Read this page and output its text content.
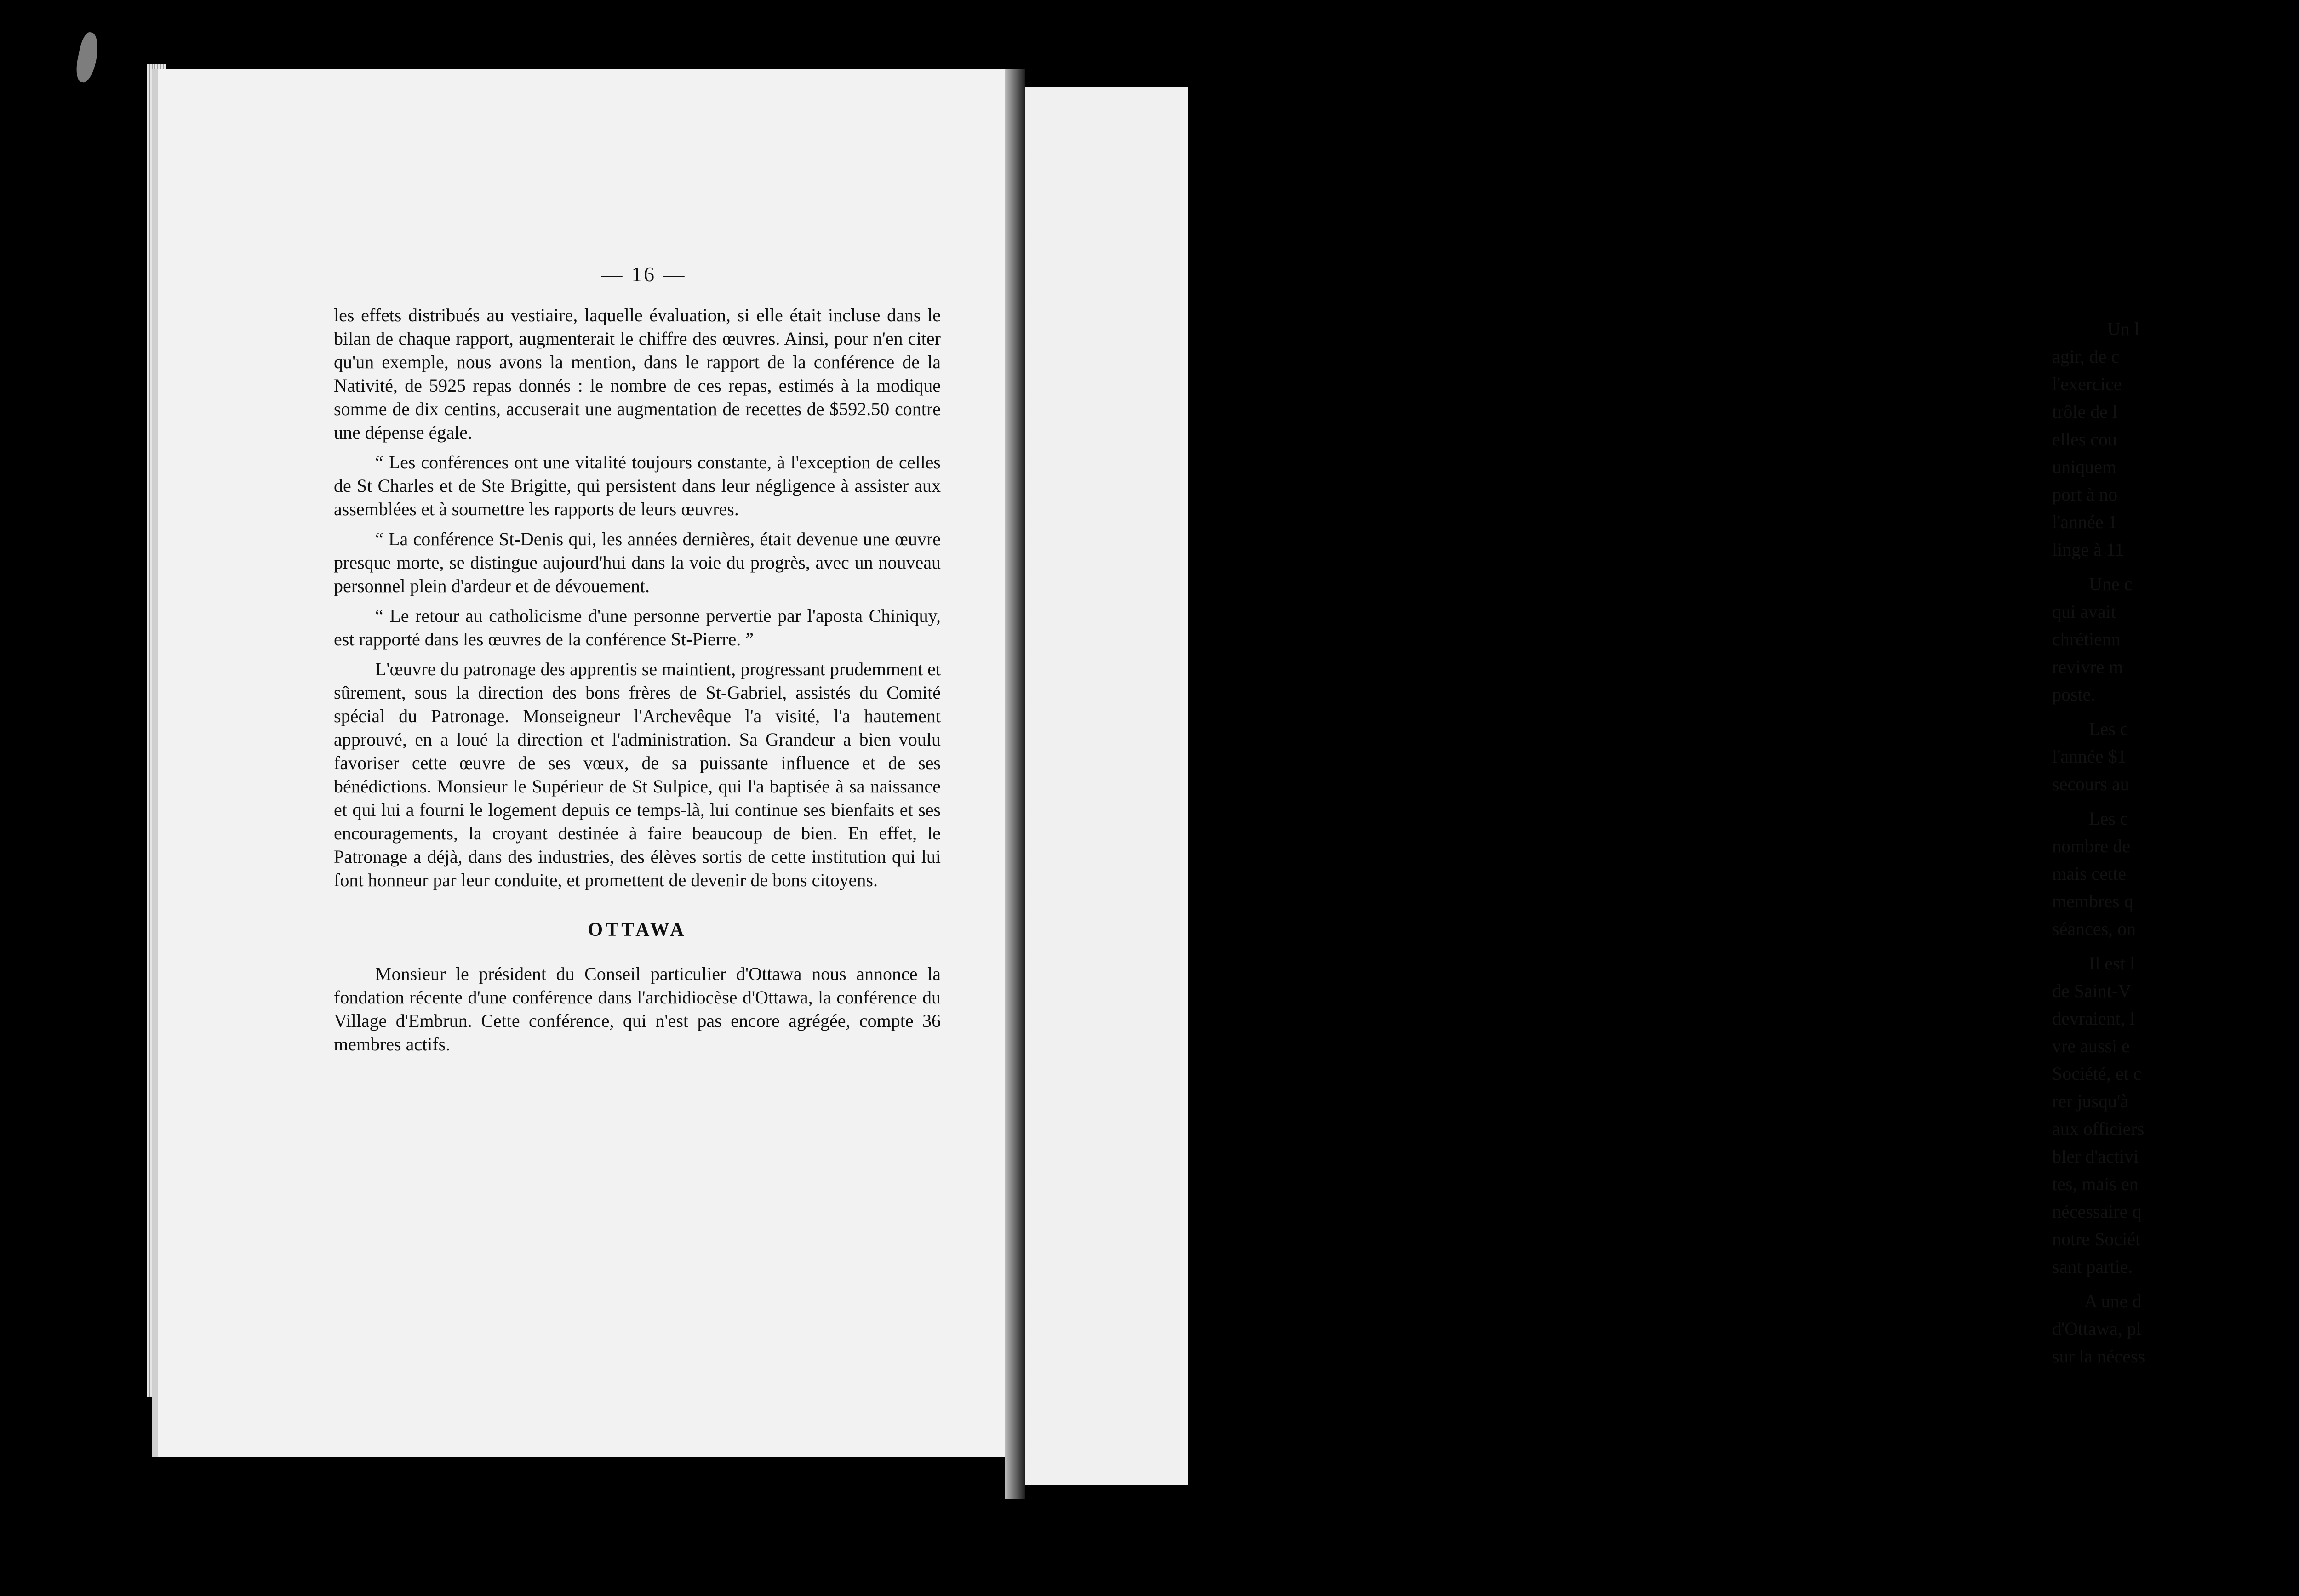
— 16 —

les effets distribués au vestiaire, laquelle évaluation, si elle était incluse dans le bilan de chaque rapport, augmenterait le chiffre des œuvres. Ainsi, pour n'en citer qu'un exemple, nous avons la mention, dans le rapport de la conférence de la Nativité, de 5925 repas donnés : le nombre de ces repas, estimés à la modique somme de dix centins, accuserait une augmentation de recettes de $592.50 contre une dépense égale.

“ Les conférences ont une vitalité toujours constante, à l'exception de celles de St Charles et de Ste Brigitte, qui persistent dans leur négligence à assister aux assemblées et à soumettre les rapports de leurs œuvres.

“ La conférence St-Denis qui, les années dernières, était devenue une œuvre presque morte, se distingue aujourd'hui dans la voie du progrès, avec un nouveau personnel plein d'ardeur et de dévouement.

“ Le retour au catholicisme d'une personne pervertie par l'aposta Chiniquy, est rapporté dans les œuvres de la conférence St-Pierre. ”

L'œuvre du patronage des apprentis se maintient, progressant prudemment et sûrement, sous la direction des bons frères de St-Gabriel, assistés du Comité spécial du Patronage. Monseigneur l'Archevêque l'a visité, l'a hautement approuvé, en a loué la direction et l'administration. Sa Grandeur a bien voulu favoriser cette œuvre de ses vœux, de sa puissante influence et de ses bénédictions. Monsieur le Supérieur de St Sulpice, qui l'a baptisée à sa naissance et qui lui a fourni le logement depuis ce temps-là, lui continue ses bienfaits et ses encouragements, la croyant destinée à faire beaucoup de bien. En effet, le Patronage a déjà, dans des industries, des élèves sortis de cette institution qui lui font honneur par leur conduite, et promettent de devenir de bons citoyens.

OTTAWA

Monsieur le président du Conseil particulier d'Ottawa nous annonce la fondation récente d'une conférence dans l'archidiocèse d'Ottawa, la conférence du Village d'Embrun. Cette conférence, qui n'est pas encore agrégée, compte 36 membres actifs.

Un l
agir, de c
l'exercice
trôle de l
elles cou
uniquem
port à no
l'année 1
linge à 11
Une c
qui avait
chrétienn
revivre m
poste.
Les c
l'année $1
secours au
Les c
nombre de
mais cette
membres q
séances, on
Il est l
de Saint-V
devraient, l
vre aussi e
Société, et c
rer jusqu'à
aux officiers
bler d'activi
tes, mais en
nécessaire q
notre Sociét
sant partie.
A une d
d'Ottawa, pl
sur la nécess
